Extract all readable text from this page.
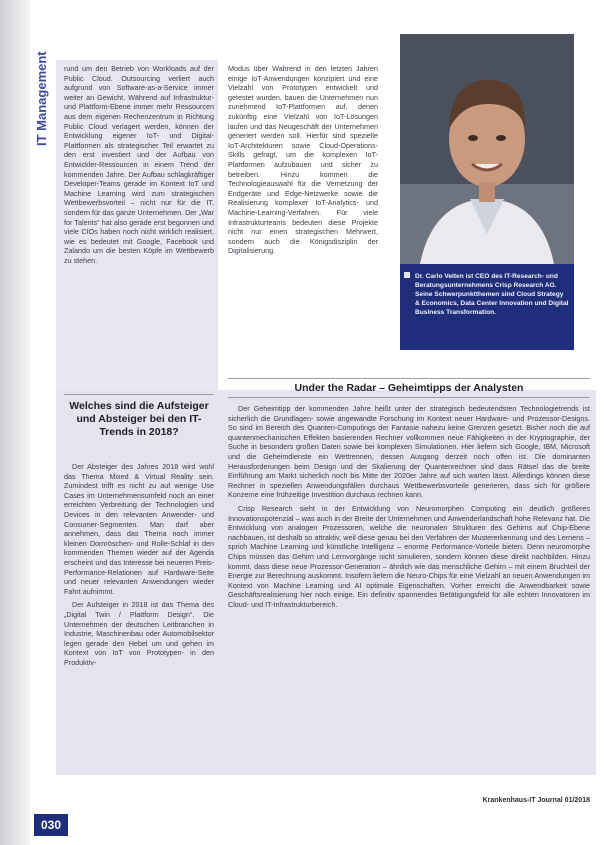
IT Management	rund um den Betrieb von Workloads auf der Public Cloud. Outsourcing verliert auch aufgrund von Software-as-a-Service immer weiter an Gewicht. Während auf Infrastruktur- und Plattform-Ebene immer mehr Ressourcen aus dem eigenen Rechenzentrum in Richtung Public Cloud verlagert werden, können der Entwicklung eigener IoT- und Digital-Plattformen als strategischer Teil erwartet zu den erst investiert und der Aufbau von Entwickler-Ressourcen in einem Trend der kommenden Jahre. Der Aufbau schlagkräftiger Developer-Teams gerade im Kontext IoT und Machine Learning wird zum strategischen Wettbewerbsvorteil – nicht nur für die IT, sondern für das ganze Unternehmen. Der „War for Talents“ hat also gerade erst begonnen und viele CIOs haben noch nicht wirklich realisiert, wie es bedeutet mit Google, Facebook und Zalando um die besten Köpfe im Wettbewerb zu stehen.

Modus über Wahrend in den letzten Jahren einige IoT-Anwendungen konzipiert und eine Vielzahl von Prototypen entwickelt und getestet wurden, bauen die Unternehmen nun zunehmend IoT-Plattformen auf, denen zukünftig eine Vielzahl von IoT-Lösungen laufen und das Neugeschäft der Unternehmen generiert werden soll. Hierfür sind spezielle IoT-Architekturen sowie Cloud-Operations-Skills gefragt, um die komplexen IoT-Plattformen aufzubauen und sicher zu betreiben. Hinzu kommen die Technologieauswahl für die Vernetzung der Endgeräte und Edge-Netzwerke sowie die Realisierung komplexer IoT-Analytics- und Machine-Learning-Verfahren. Für viele Infrastrukturteams bedeuten diese Projekte nicht nur einen strategischen Mehrwert, sondern auch die Königsdisziplin der Digitalisierung.

Dr. Carlo Velten ist CEO des IT-Research- und Beratungsunternehmens Crisp Research AG. Seine Schwerpunktthemen sind Cloud Strategy & Economics, Data Center Innovation und Digital Business Transformation.
Welches sind die Aufsteiger und Absteiger bei den IT-Trends in 2018?

Der Absteiger des Jahres 2018 wird wohl das Thema Mixed & Virtual Reality sein. Zumindest trifft es nicht zu auf wenige Use Cases im Unternehmensumfeld noch an einer erreichten Verbreitung der Technologien und Devices in den relevanten Anwender- und Consumer-Segmenten. Man darf aber annehmen, dass das Thema noch immer kleinen Dornröschen- und Rolle-Schlaf in den kommenden Themen wieder auf der Agenda erscheint und das Interesse bei neueren Preis-Performance-Relationen auf Hardware-Seite und neuer relevanten Anwendungen wieder Fahrt aufnimmt.

Der Aufsteiger in 2018 ist das Thema des „Digital Twin / Plattform Design“. Die Unternehmen der deutschen Leitbranchen in Industrie, Maschinenbau oder Automobilsektor legen gerade den Hebel um und gehen im Kontext von IoT von Prototypen- in den Produktiv-

Under the Radar – Geheimtipps der Analysten

Der Geheimtipp der kommenden Jahre heißt unter der strategisch bedeutendsten Technologietrends ist sicherlich die Grundlagen- sowie angewandte Forschung im Kontext neuer Hardware- und Prozessor-Designs. So sind im Bereich des Quanten-Computings der Fantasie nahezu keine Grenzen gesetzt. Bisher noch die auf quantenmechanischen Effekten basierenden Rechner vollkommen neue Fähigkeiten in der Kryptographie, der Suche in besonders großen Daten sowie bei komplexen Simulationen. Hier liefern sich Google, IBM, Microsoft und die Geheimdienste ein Wettrennen, dessen Ausgang derzeit noch offen ist. Die dominanten Herausforderungen beim Design und der Skalierung der Quantenrechner sind dass Rätsel das die breite Einführung am Markt sicherlich noch bis Mitte der 2020er Jahre auf sich warten lässt. Allerdings können diese Rechner in speziellen Anwendungsfällen durchaus Wettbewerbsvorteile generieren, dass sich für größere Konzerne eine frühzeitige Investition durchaus rechnen kann.

Crisp Research sieht in der Entwicklung von Neuromorphen Computing ein deutlich größeres Innovationspotenzial – was auch in der Breite der Unternehmen und Anwenderlandschaft hohe Relevanz hat. Die Entwicklung von analogen Prozessoren, welche die neuronalen Strukturen des Gehirns auf Chip-Ebene nachbauen, ist deshalb so attraktiv, weil diese genau bei den Verfahren der Mustererkennung und des Lernens – sprich Machine Learning und künstliche Intelligenz – enorme Performance-Vorteile bieten. Denn neuromorphe Chips müssen das Gehirn und Lernvorgänge nicht simulieren, sondern können diese direkt nachbilden. Hinzu kommt, dass diese neue Prozessor-Generation – ähnlich wie das menschliche Gehirn – mit einem Bruchteil der Energie zur Berechnung auskommt. Insofern liefern die Neuro-Chips für eine Vielzahl an neuen Anwendungen im Kontext von Machine Learning und AI optimale Eigenschaften. Vorher erreicht die Anwendbarkeit sowie Geschäftsrealisierung hier noch einige. Ein definitiv spannendes Betätigungsfeld für alle echten Innovatoren im Cloud- und IT-Infrastrukturbereich.

Krankenhaus-IT Journal 01/2018
030
